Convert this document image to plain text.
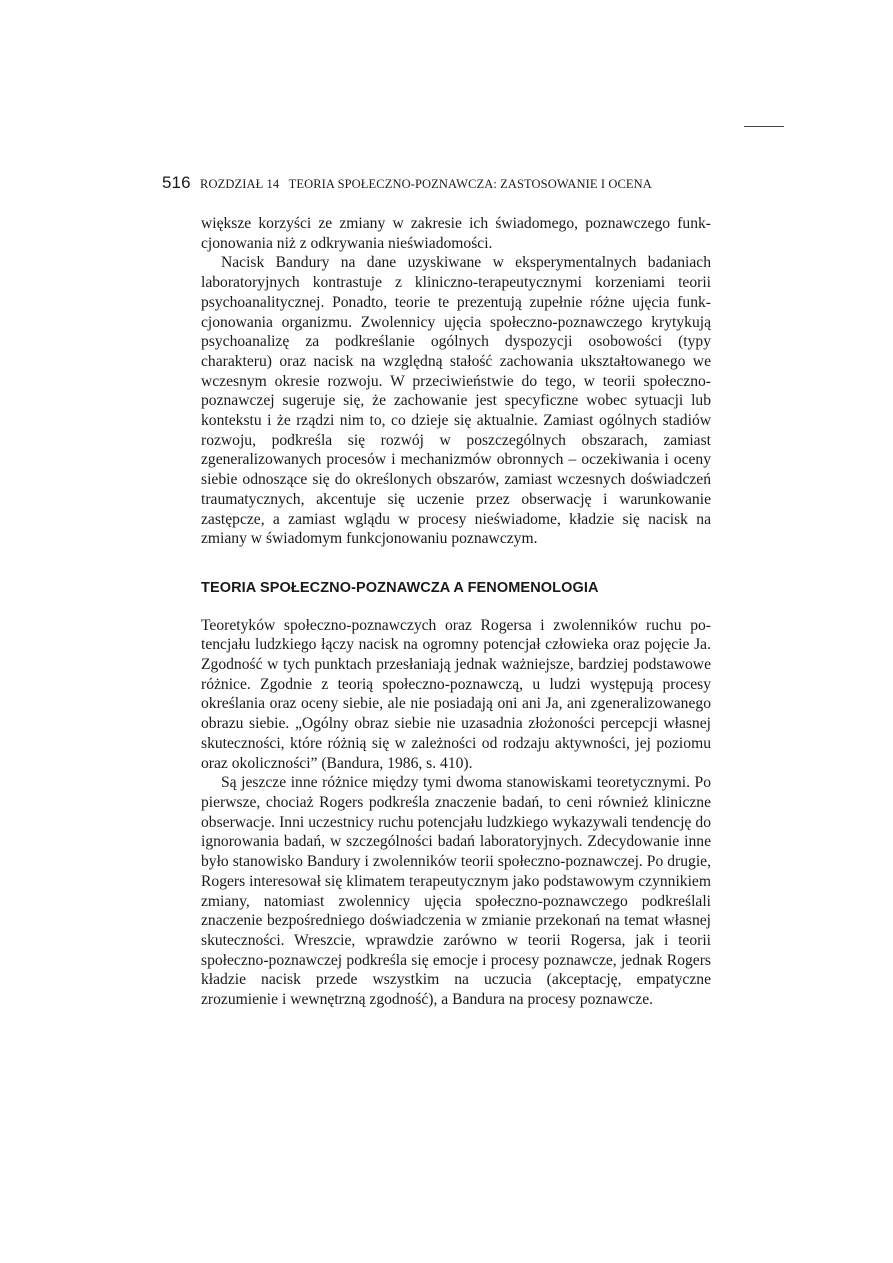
516 ROZDZIAŁ 14 TEORIA SPOŁECZNO-POZNAWCZA: ZASTOSOWANIE I OCENA

większe korzyści ze zmiany w zakresie ich świadomego, poznawczego funkcjonowania niż z odkrywania nieświadomości.

Nacisk Bandury na dane uzyskiwane w eksperymentalnych badaniach laboratoryjnych kontrastuje z kliniczno-terapeutycznymi korzeniami teorii psychoanalitycznej. Ponadto, teorie te prezentują zupełnie różne ujęcia funkcjonowania organizmu. Zwolennicy ujęcia społeczno-poznawczego krytykują psychoanalizę za podkreślanie ogólnych dyspozycji osobowości (typy charakteru) oraz nacisk na względną stałość zachowania ukształtowanego we wczesnym okresie rozwoju. W przeciwieństwie do tego, w teorii społeczno-poznawczej sugeruje się, że zachowanie jest specyficzne wobec sytuacji lub kontekstu i że rządzi nim to, co dzieje się aktualnie. Zamiast ogólnych stadiów rozwoju, podkreśla się rozwój w poszczególnych obszarach, zamiast zgeneralizowanych procesów i mechanizmów obronnych – oczekiwania i oceny siebie odnoszące się do określonych obszarów, zamiast wczesnych doświadczeń traumatycznych, akcentuje się uczenie przez obserwację i warunkowanie zastępcze, a zamiast wglądu w procesy nieświadome, kładzie się nacisk na zmiany w świadomym funkcjonowaniu poznawczym.

TEORIA SPOŁECZNO-POZNAWCZA A FENOMENOLOGIA

Teoretyków społeczno-poznawczych oraz Rogersa i zwolenników ruchu potencjału ludzkiego łączy nacisk na ogromny potencjał człowieka oraz pojęcie Ja. Zgodność w tych punktach przesłaniają jednak ważniejsze, bardziej podstawowe różnice. Zgodnie z teorią społeczno-poznawczą, u ludzi występują procesy określania oraz oceny siebie, ale nie posiadają oni ani Ja, ani zgeneralizowanego obrazu siebie. „Ogólny obraz siebie nie uzasadnia złożoności percepcji własnej skuteczności, które różnią się w zależności od rodzaju aktywności, jej poziomu oraz okoliczności” (Bandura, 1986, s. 410).

Są jeszcze inne różnice między tymi dwoma stanowiskami teoretycznymi. Po pierwsze, chociaż Rogers podkreśla znaczenie badań, to ceni również kliniczne obserwacje. Inni uczestnicy ruchu potencjału ludzkiego wykazywali tendencję do ignorowania badań, w szczególności badań laboratoryjnych. Zdecydowanie inne było stanowisko Bandury i zwolenników teorii społeczno-poznawczej. Po drugie, Rogers interesował się klimatem terapeutycznym jako podstawowym czynnikiem zmiany, natomiast zwolennicy ujęcia społeczno-poznawczego podkreślali znaczenie bezpośredniego doświadczenia w zmianie przekonań na temat własnej skuteczności. Wreszcie, wprawdzie zarówno w teorii Rogersa, jak i teorii społeczno-poznawczej podkreśla się emocje i procesy poznawcze, jednak Rogers kładzie nacisk przede wszystkim na uczucia (akceptację, empatyczne zrozumienie i wewnętrzną zgodność), a Bandura na procesy poznawcze.
